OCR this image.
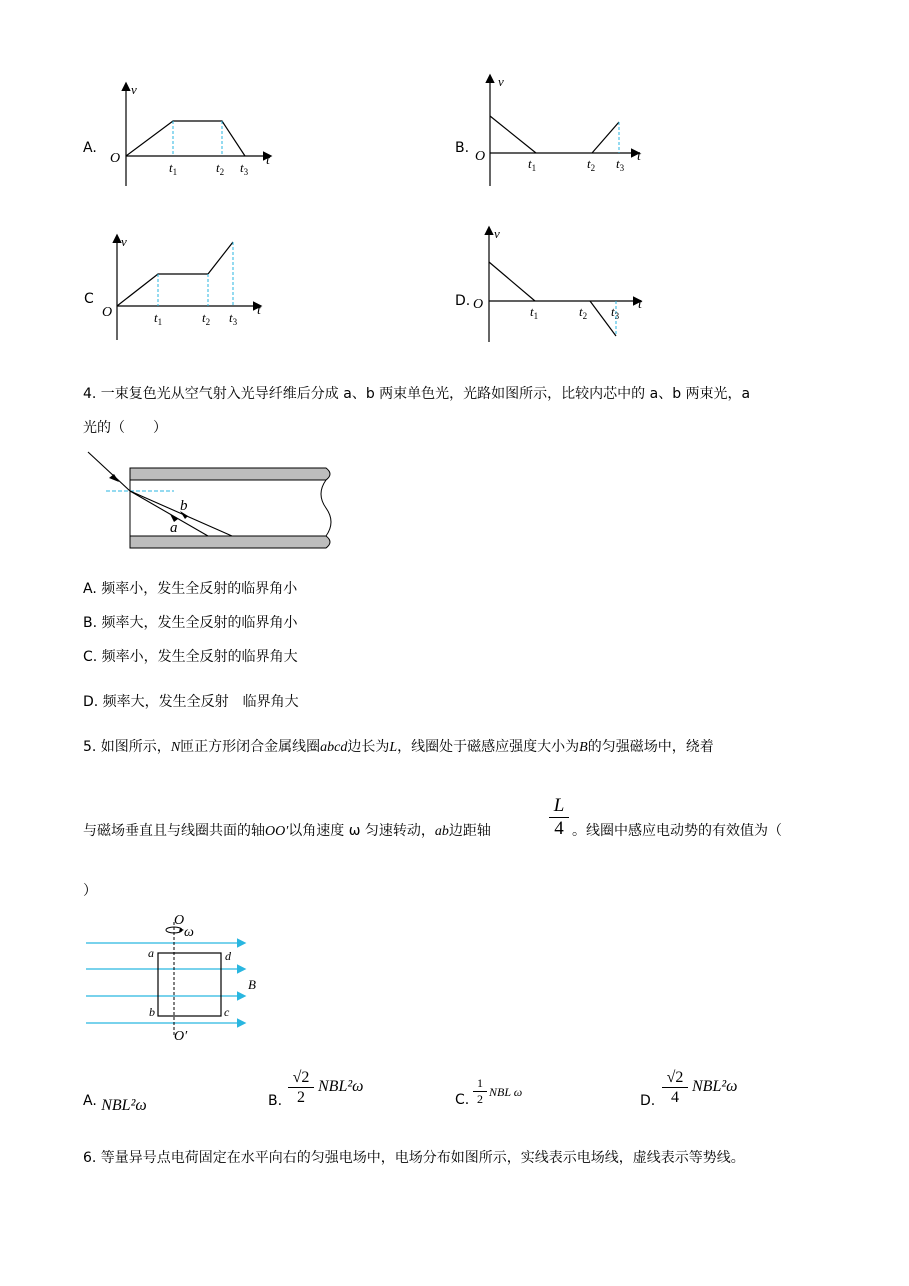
A.
v
t
O
$t_1$	$t_2$ $t_3$
B.
v
t
O	$t_1$	$t_2$ $t_3$
C
v
t
O	$t_1$	$t_2$ $t_3$
D.
v
t
O	$t_1$	$t_2$ $t_3$
4. 一束复色光从空气射入光导纤维后分成 a、b 两束单色光，光路如图所示，比较内芯中的 a、b 两束光，a
光的（　　）
b
a
A. 频率小，发生全反射的临界角小
B. 频率大，发生全反射的临界角小
C. 频率小，发生全反射的临界角大
D. 频率大，发生全反射　临界角大
5. 如图所示，N匝正方形闭合金属线圈abcd边长为L，线圈处于磁感应强度大小为B的匀强磁场中，绕着
与磁场垂直且与线圈共面的轴OO′以角速度 ω 匀速转动，ab边距轴
L
4 。线圈中感应电动势的有效值为（
）
O
ω
a	d
b	c
B
O′
A. NBL²ω	B.
√2
2
NBL²ω
C.
1
2 NBL ω
D.
√2
4
NBL²ω
6. 等量异号点电荷固定在水平向右的匀强电场中，电场分布如图所示，实线表示电场线，虚线表示等势线。
